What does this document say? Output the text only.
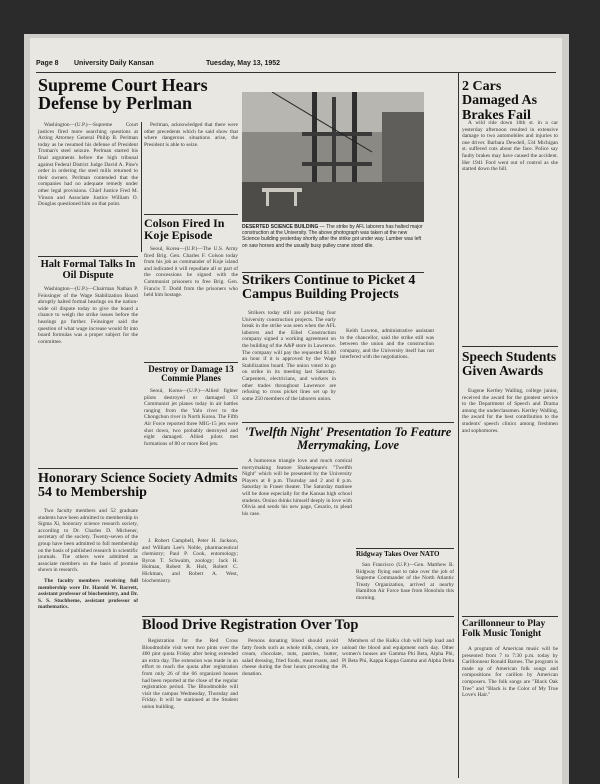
Page 8 University Daily Kansan	Tuesday, May 13, 1952
Supreme Court Hears Defense by Perlman

Washington—(U.P.)—Supreme Court justices fired more searching questions at Acting Attorney General Philip B. Perlman today as he resumed his defense of President Truman's steel seizure. Perlman started his final arguments before the high tribunal against Federal District Judge David A. Pine's order in ordering the steel mills returned to their owners. Perlman contended that the companies had no adequate remedy under other legal provisions. Chief Justice Fred M. Vinson and Associate Justice William O. Douglas questioned him on that point.

Halt Formal Talks In Oil Dispute

Washington—(U.P.)—Chairman Nathan P. Feinsinger of the Wage Stabilization Board abruptly halted formal hearings on the nation-wide oil dispute today to give the board a chance to weigh the strike issues before the hearings go further. Feinsinger said the question of what wage increase would fit into board formulas was a proper subject for the committee.

Perlman, acknowledged that there were other precedents which he said show that where dangerous situations arise, the President is able to seize.

Colson Fired In Koje Episode

Seoul, Korea—(U.P.)—The U.S. Army fired Brig. Gen. Charles F. Colson today from his job as commander of Koje island and indicated it will repudiate all or part of the concessions he signed with the Communist prisoners to free Brig. Gen. Francis T. Dodd from the prisoners who held him hostage.

Destroy or Damage 13 Commie Planes

Seoul, Korea—(U.P.)—Allied fighter pilots destroyed or damaged 13 Communist jet planes today in air battles ranging from the Yalu river to the Chongchon river in North Korea. The Fifth Air Force reported three MIG-15 jets were shot down, two probably destroyed and eight damaged. Allied pilots met formations of 80 or more Red jets.

DESERTED SCIENCE BUILDING — The strike by AFL laborers has halted major construction at the University. The above photograph was taken at the new Science building yesterday shortly after the strike got under way. Lumber was left on saw horses and the usually busy pulley crane stood idle.
Strikers Continue to Picket 4 Campus Building Projects

Strikers today still are picketing four University construction projects. The early break in the strike was seen when the AFL laborers and the Eibel Construction company signed a working agreement on the building of the A&P store in Lawrence. The company will pay the requested $1.80 an hour if it is approved by the Wage Stabilization board. The union voted to go on strike in its meeting last Saturday. Carpenters, electricians, and workers in other trades throughout Lawrence are refusing to cross picket lines set up by some 250 members of the laborers union.

Keith Lawton, administrative assistant to the chancellor, said the strike still was between the union and the construction company, and the University itself has not interfered with the negotiations.

'Twelfth Night' Presentation To Feature Merrymaking, Love

A humorous triangle love and much comical merrymaking feature Shakespeare's "Twelfth Night" which will be presented by the University Players at 8 p.m. Thursday and 2 and 8 p.m. Saturday in Fraser theater. The Saturday matinee will be done especially for the Kansas high school students. Orsino thinks himself deeply in love with Olivia and sends his new page, Cesario, to plead his case.

Ridgway Takes Over NATO

San Francisco (U.P.)—Gen. Matthew B. Ridgway flying east to take over the job of Supreme Commander of the North Atlantic Treaty Organization, arrived at nearby Hamilton Air Force base from Honolulu this morning.

Honorary Science Society Admits 54 to Membership

Two faculty members and 52 graduate students have been admitted to membership in Sigma Xi, honorary science research society, according to Dr. Charles D. Michener, secretary of the society. Twenty-seven of the group have been admitted to full membership on the basis of published research in scientific journals. The others were admitted as associate members on the basis of promise shown in research.

The faculty members receiving full membership were Dr. Harold W. Barrett, assistant professor of biochemistry, and Dr. S. S. Stuchbeme, assistant professor of mathematics.

J. Robert Campbell, Peter H. Jackson, and William Lee's Noble, pharmaceutical chemistry; Paul P. Cook, entomology; Byron T. Schwalm, zoology; Jack H. Holman, Robert R. Holt, Robert C. Hickman, and Robert A. West, biochemistry.

Blood Drive Registration Over Top

Registration for the Red Cross Bloodmobile visit went two pints over the 400 pint quota Friday after being extended an extra day. The extension was made in an effort to reach the quota after registration from only 26 of the 66 organized houses had been reported at the close of the regular registration period. The Bloodmobile will visit the campus Wednesday, Thursday and Friday. It will be stationed at the Student union building.

Persons donating blood should avoid fatty foods such as whole milk, cream, ice cream, chocolate, nuts, pastries, butter, salad dressing, fried foods, meat roasts, and cheese during the four hours preceding the donation.

Members of the KuKu club will help load and unload the blood and equipment each day. Other women's houses are Gamma Phi Beta, Alpha Phi, Pi Beta Phi, Kappa Kappa Gamma and Alpha Delta Pi.

2 Cars Damaged As Brakes Fail

A wild ride down 10th st. in a car yesterday afternoon resulted in extensive damage to two automobiles and injuries to one driver. Barbara Dewdell, 534 Michigan st. suffered cuts about the face. Police say faulty brakes may have caused the accident. Her 1941 Ford went out of control as she started down the hill.

Speech Students Given Awards

Eugene Kertley Walling, college junior, received the award for the greatest service to the Department of Speech and Drama among the underclassmen. Kertley Walling, the award for the best contribution to the students' speech clinics among freshmen and sophomores.

Carillonneur to Play Folk Music Tonight

A program of American music will be presented from 7 to 7:30 p.m. today by Carillonneur Ronald Barnes. The program is made up of American folk songs and compositions for carillon by American composers. The folk songs are "Black Oak Tree" and "Black is the Color of My True Love's Hair."
